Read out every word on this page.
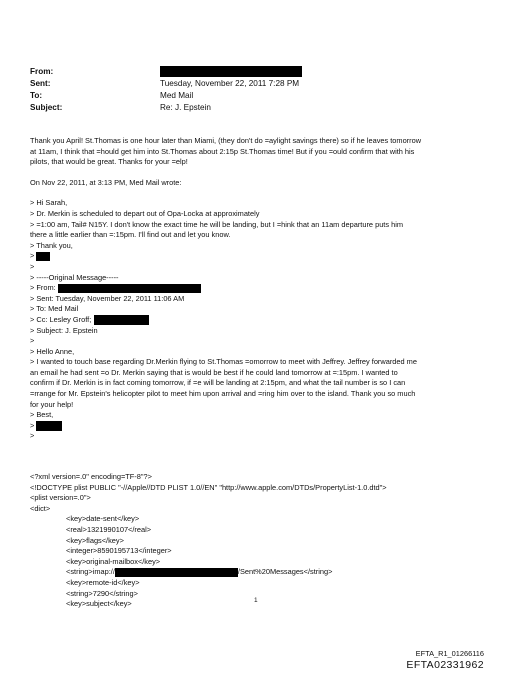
From:
Sent:	Tuesday, November 22, 2011 7:28 PM
To:	Med Mail
Subject:	Re: J. Epstein
Thank you April! St.Thomas is one hour later than Miami, (they don't do =aylight savings there) so if he leaves tomorrow
at 11am, I think that =hould get him into St.Thomas about 2:15p St.Thomas time! But if you =ould confirm that with his
pilots, that would be great. Thanks for your =elp!
On Nov 22, 2011, at 3:13 PM, Med Mail wrote:
> Hi Sarah,
> Dr. Merkin is scheduled to depart out of Opa-Locka at approximately
> =1:00 am, Tail# N15Y. I don't know the exact time he will be landing, but I =hink that an 11am departure puts him
there a little earlier than =:15pm. I'll find out and let you know.
> Thank you,
>
>
> -----Original Message-----
> From:
> Sent: Tuesday, November 22, 2011 11:06 AM
> To: Med Mail
> Cc: Lesley Groff;
> Subject: J. Epstein
>
> Hello Anne,
> I wanted to touch base regarding Dr.Merkin flying to St.Thomas =omorrow to meet with Jeffrey. Jeffrey forwarded me
an email he had sent =o Dr. Merkin saying that is would be best if he could land tomorrow at =:15pm. I wanted to
confirm if Dr. Merkin is in fact coming tomorrow, if =e will be landing at 2:15pm, and what the tail number is so I can
=rrange for Mr. Epstein's helicopter pilot to meet him upon arrival and =ring him over to the island. Thank you so much
for your help!
> Best,
>
>
<?xml version=.0" encoding=TF-8"?>
<!DOCTYPE plist PUBLIC "-//Apple//DTD PLIST 1.0//EN" "http://www.apple.com/DTDs/PropertyList-1.0.dtd">
<plist version=.0">
<dict>
<key>date-sent</key>
<real>1321990107</real>
<key>flags</key>
<integer>8590195713</integer>
<key>original-mailbox</key>
<string>imap://	/Sent%20Messages</string>
<key>remote-id</key>
<string>7290</string>
<key>subject</key>	1
EFTA_R1_01266116
EFTA02331962
